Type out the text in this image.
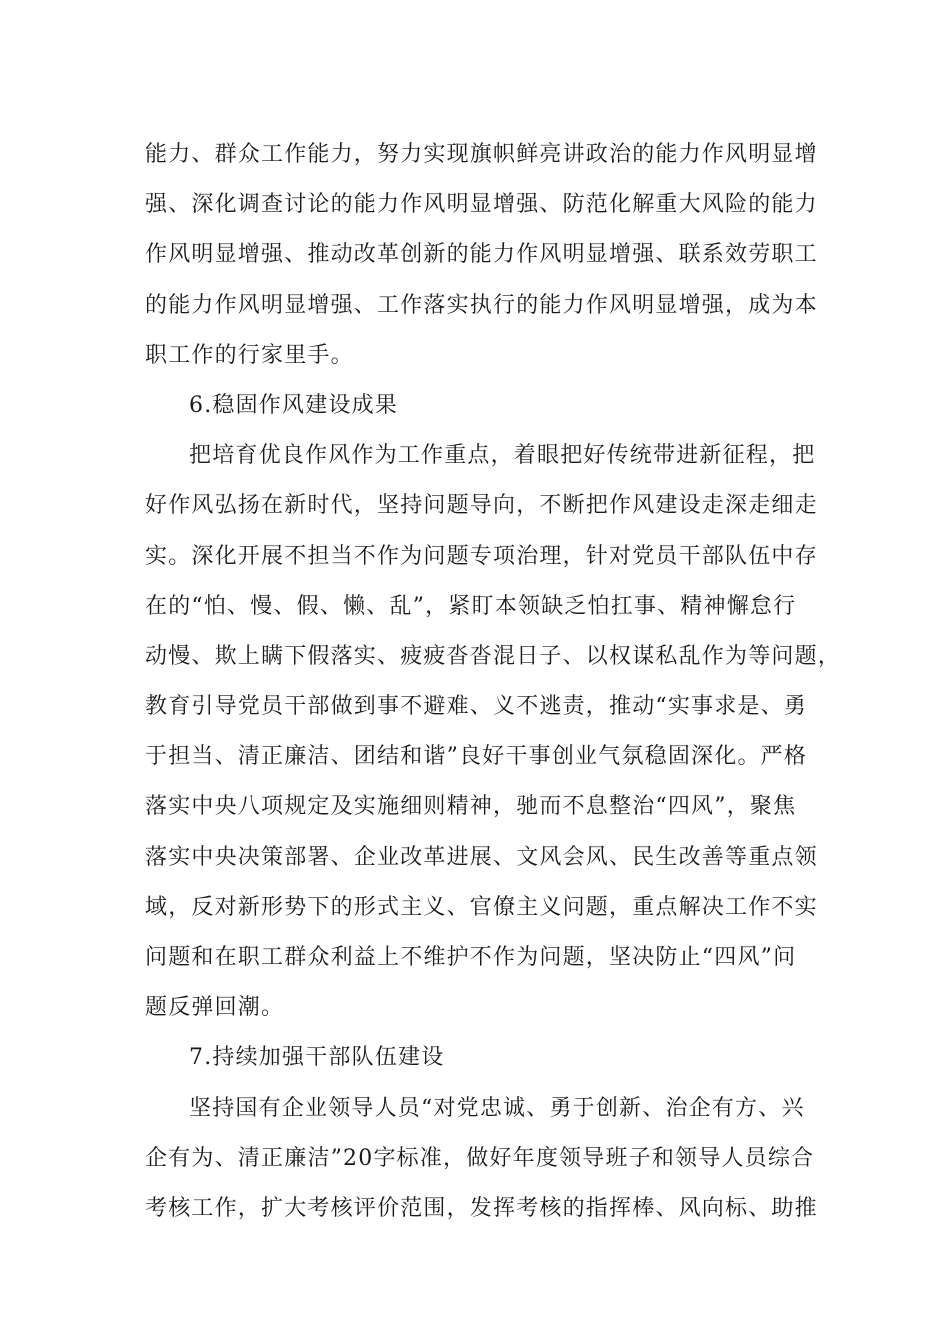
能力、群众工作能力，努力实现旗帜鲜亮讲政治的能力作风明显增
强、深化调查讨论的能力作风明显增强、防范化解重大风险的能力
作风明显增强、推动改革创新的能力作风明显增强、联系效劳职工
的能力作风明显增强、工作落实执行的能力作风明显增强，成为本
职工作的行家里手。
6.稳固作风建设成果
把培育优良作风作为工作重点，着眼把好传统带进新征程，把
好作风弘扬在新时代，坚持问题导向，不断把作风建设走深走细走
实。深化开展不担当不作为问题专项治理，针对党员干部队伍中存
在的“怕、慢、假、懒、乱”，紧盯本领缺乏怕扛事、精神懈怠行
动慢、欺上瞒下假落实、疲疲沓沓混日子、以权谋私乱作为等问题，
教育引导党员干部做到事不避难、义不逃责，推动“实事求是、勇
于担当、清正廉洁、团结和谐”良好干事创业气氛稳固深化。严格
落实中央八项规定及实施细则精神，驰而不息整治“四风”，聚焦
落实中央决策部署、企业改革进展、文风会风、民生改善等重点领
域，反对新形势下的形式主义、官僚主义问题，重点解决工作不实
问题和在职工群众利益上不维护不作为问题，坚决防止“四风”问
题反弹回潮。
7.持续加强干部队伍建设
坚持国有企业领导人员“对党忠诚、勇于创新、治企有方、兴
企有为、清正廉洁”20字标准，做好年度领导班子和领导人员综合
考核工作，扩大考核评价范围，发挥考核的指挥棒、风向标、助推
